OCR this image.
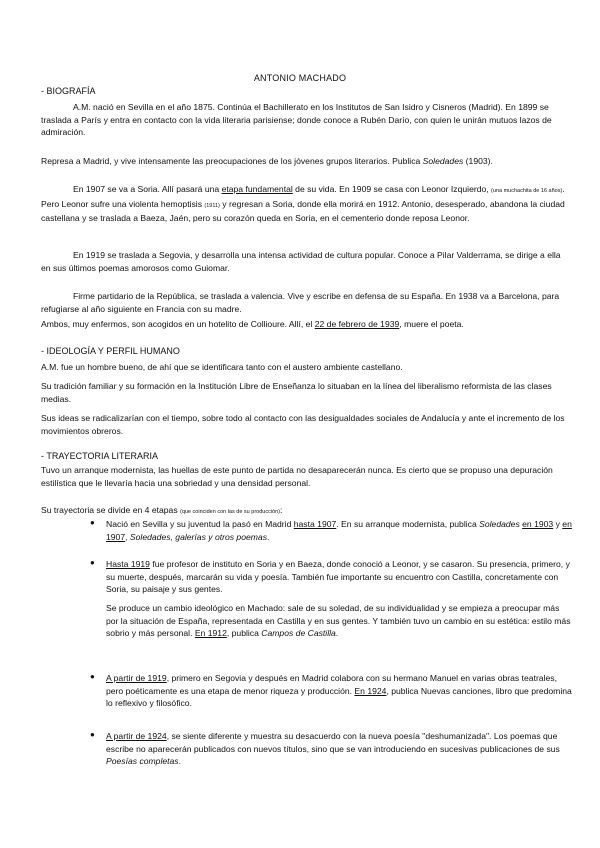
ANTONIO MACHADO
- BIOGRAFÍA
A.M. nació en Sevilla en el año 1875. Continúa el Bachillerato en los Institutos de San Isidro y Cisneros (Madrid). En 1899 se traslada a París y entra en contacto con la vida literaria parisiense; donde conoce a Rubén Darío, con quien le unirán mutuos lazos de admiración.
Represa a Madrid, y vive intensamente las preocupaciones de los jóvenes grupos literarios. Publica Soledades (1903).
En 1907 se va a Soria. Allí pasará una etapa fundamental de su vida. En 1909 se casa con Leonor Izquierdo, (una muchachita de 16 años). Pero Leonor sufre una violenta hemoptisis (1911) y regresan a Soria, donde ella morirá en 1912. Antonio, desesperado, abandona la ciudad castellana y se traslada a Baeza, Jaén, pero su corazón queda en Soria, en el cementerio donde reposa Leonor.
En 1919 se traslada a Segovia, y desarrolla una intensa actividad de cultura popular. Conoce a Pilar Valderrama, se dirige a ella en sus últimos poemas amorosos como Guiomar.
Firme partidario de la República, se traslada a valencia. Vive y escribe en defensa de su España. En 1938 va a Barcelona, para refugiarse al año siguiente en Francia con su madre.
Ambos, muy enfermos, son acogidos en un hotelito de Collioure. Allí, el 22 de febrero de 1939, muere el poeta.
- IDEOLOGÍA Y PERFIL HUMANO
A.M. fue un hombre bueno, de ahí que se identificara tanto con el austero ambiente castellano.
Su tradición familiar y su formación en la Institución Libre de Enseñanza lo situaban en la línea del liberalismo reformista de las clases medias.
Sus ideas se radicalizarían con el tiempo, sobre todo al contacto con las desigualdades sociales de Andalucía y ante el incremento de los movimientos obreros.
- TRAYECTORIA LITERARIA
Tuvo un arranque modernista, las huellas de este punto de partida no desaparecerán nunca. Es cierto que se propuso una depuración estilística que le llevaría hacia una sobriedad y una densidad personal.
Su trayectoria se divide en 4 etapas (que coinciden con las de su producción):
● Nació en Sevilla y su juventud la pasó en Madrid hasta 1907. En su arranque modernista, publica Soledades en 1903 y en 1907, Soledades, galerías y otros poemas.
● Hasta 1919 fue profesor de instituto en Soria y en Baeza, donde conoció a Leonor, y se casaron. Su presencia, primero, y su muerte, después, marcarán su vida y poesía. También fue importante su encuentro con Castilla, concretamente con Soria, su paisaje y sus gentes.
Se produce un cambio ideológico en Machado: sale de su soledad, de su individualidad y se empieza a preocupar más por la situación de España, representada en Castilla y en sus gentes. Y también tuvo un cambio en su estética: estilo más sobrio y más personal. En 1912, publica Campos de Castilla.
● A partir de 1919, primero en Segovia y después en Madrid colabora con su hermano Manuel en varias obras teatrales, pero poéticamente es una etapa de menor riqueza y producción. En 1924, publica Nuevas canciones, libro que predomina lo reflexivo y filosófico.
● A partir de 1924, se siente diferente y muestra su desacuerdo con la nueva poesía "deshumanizada". Los poemas que escribe no aparecerán publicados con nuevos títulos, sino que se van introduciendo en sucesivas publicaciones de sus Poesías completas.
